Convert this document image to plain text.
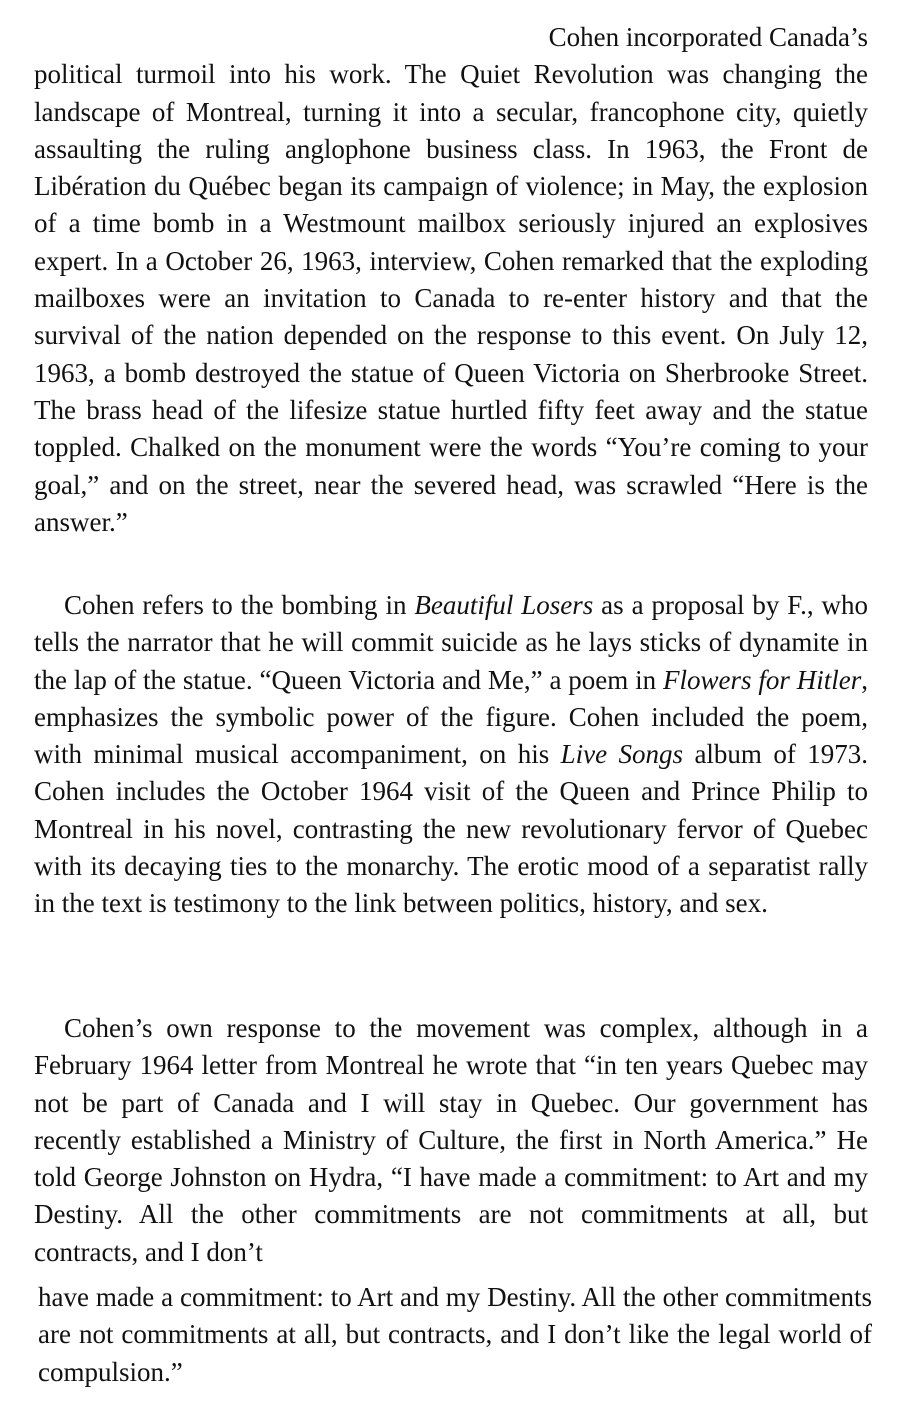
Cohen incorporated Canada’s
political turmoil into his work. The Quiet Revolution was changing the landscape of Montreal, turning it into a secular, francophone city, quietly assaulting the ruling anglophone business class. In 1963, the Front de Libération du Québec began its campaign of violence; in May, the explosion of a time bomb in a Westmount mailbox seriously injured an explosives expert. In a October 26, 1963, interview, Cohen remarked that the exploding mailboxes were an invitation to Canada to re-enter history and that the survival of the nation depended on the response to this event. On July 12, 1963, a bomb destroyed the statue of Queen Victoria on Sherbrooke Street. The brass head of the lifesize statue hurtled fifty feet away and the statue toppled. Chalked on the monument were the words “You’re coming to your goal,” and on the street, near the severed head, was scrawled “Here is the answer.”

Cohen refers to the bombing in Beautiful Losers as a proposal by F., who tells the narrator that he will commit suicide as he lays sticks of dynamite in the lap of the statue. “Queen Victoria and Me,” a poem in Flowers for Hitler, emphasizes the symbolic power of the figure. Cohen included the poem, with minimal musical accompaniment, on his Live Songs album of 1973. Cohen includes the October 1964 visit of the Queen and Prince Philip to Montreal in his novel, contrasting the new revolutionary fervor of Quebec with its decaying ties to the monarchy. The erotic mood of a separatist rally in the text is testimony to the link between politics, history, and sex.

Cohen’s own response to the movement was complex, although in a February 1964 letter from Montreal he wrote that “in ten years Quebec may not be part of Canada and I will stay in Quebec. Our government has recently established a Ministry of Culture, the first in North America.” He told George Johnston on Hydra, “I have made a commitment: to Art and my Destiny. All the other commitments are not commitments at all, but contracts, and I don’t

have made a commitment: to Art and my Destiny. All the other commitments are not commitments at all, but contracts, and I don’t like the legal world of compulsion.”
